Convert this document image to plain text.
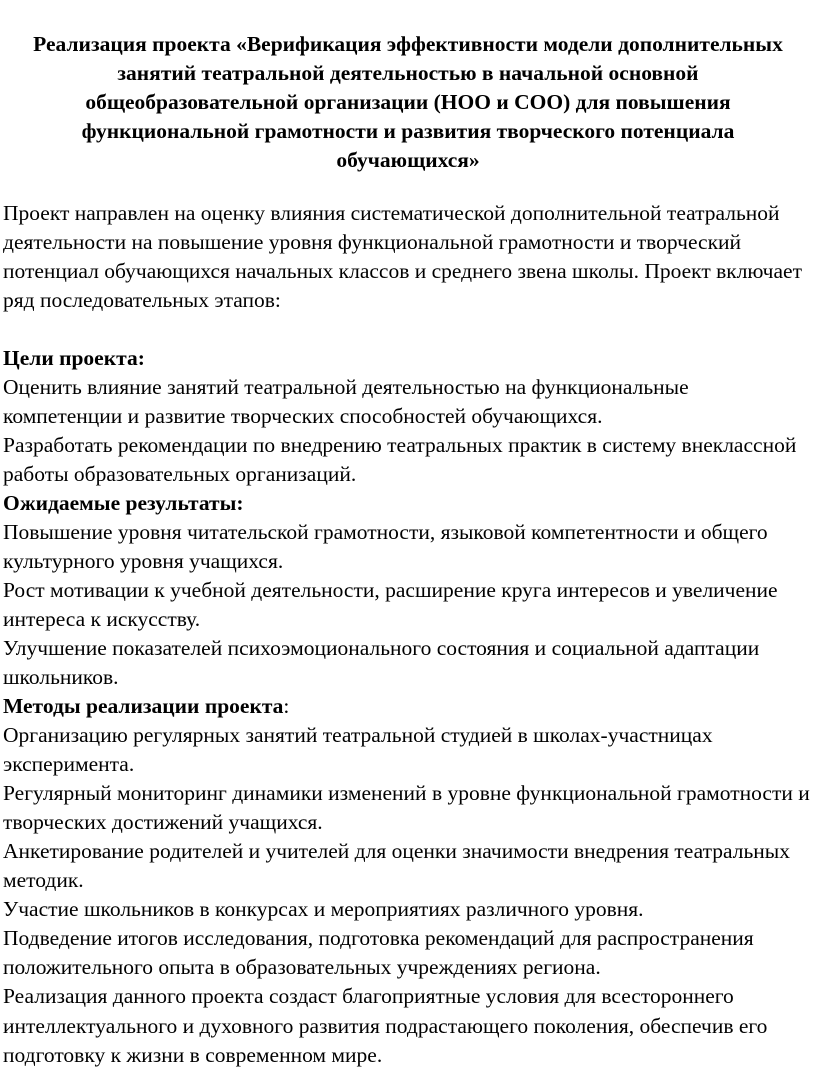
Реализация проекта «Верификация эффективности модели дополнительных занятий театральной деятельностью в начальной основной общеобразовательной организации (НОО и СОО) для повышения функциональной грамотности и развития творческого потенциала обучающихся»

Проект направлен на оценку влияния систематической дополнительной театральной деятельности на повышение уровня функциональной грамотности и творческий потенциал обучающихся начальных классов и среднего звена школы. Проект включает ряд последовательных этапов:

Цели проекта:

Оценить влияние занятий театральной деятельностью на функциональные компетенции и развитие творческих способностей обучающихся.

Разработать рекомендации по внедрению театральных практик в систему внеклассной работы образовательных организаций.

Ожидаемые результаты:

Повышение уровня читательской грамотности, языковой компетентности и общего культурного уровня учащихся.

Рост мотивации к учебной деятельности, расширение круга интересов и увеличение интереса к искусству.

Улучшение показателей психоэмоционального состояния и социальной адаптации школьников.

Методы реализации проекта:

Организацию регулярных занятий театральной студией в школах-участницах эксперимента.

Регулярный мониторинг динамики изменений в уровне функциональной грамотности и творческих достижений учащихся.

Анкетирование родителей и учителей для оценки значимости внедрения театральных методик.

Участие школьников в конкурсах и мероприятиях различного уровня.

Подведение итогов исследования, подготовка рекомендаций для распространения положительного опыта в образовательных учреждениях региона.

Реализация данного проекта создаст благоприятные условия для всестороннего интеллектуального и духовного развития подрастающего поколения, обеспечив его подготовку к жизни в современном мире.
